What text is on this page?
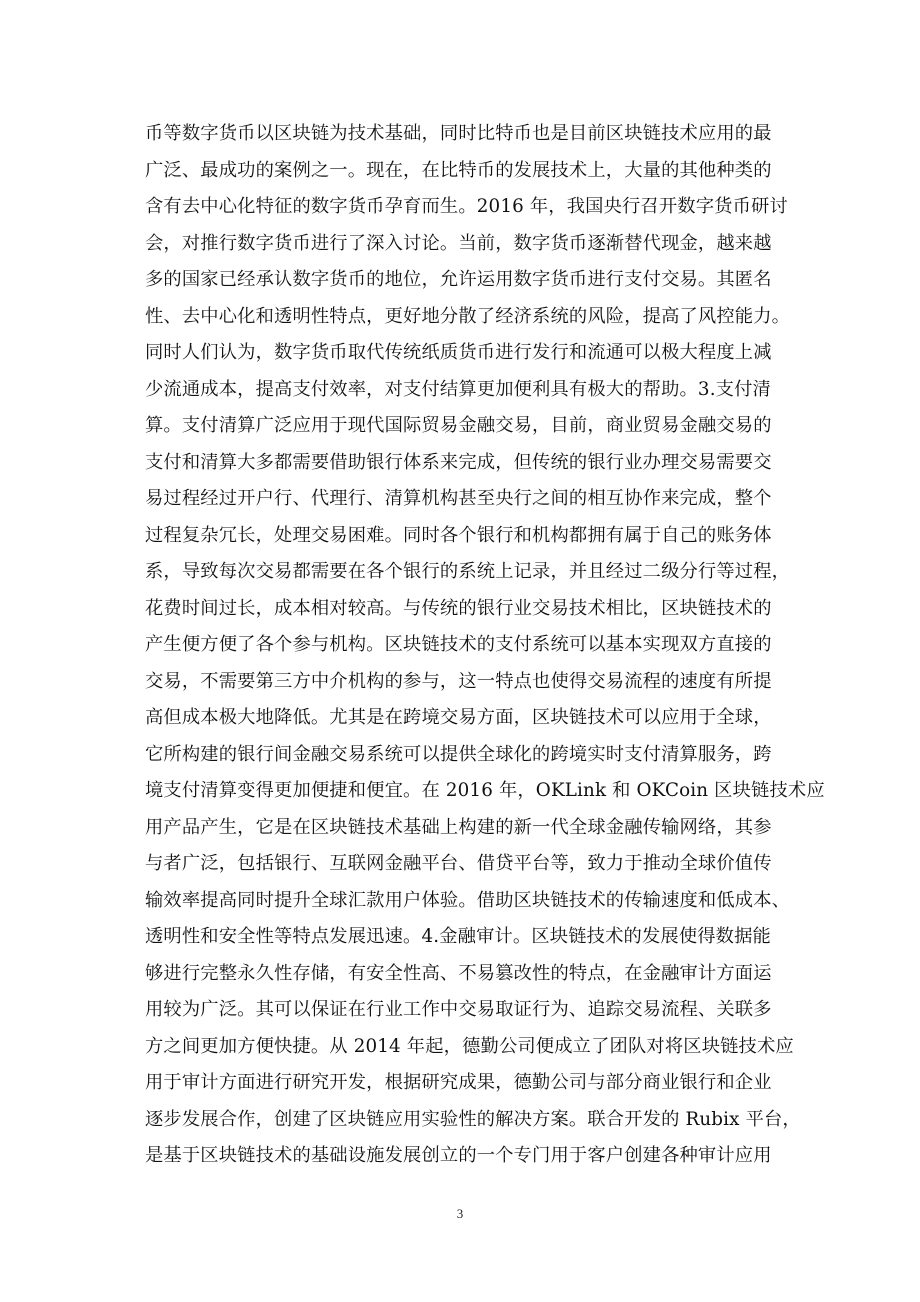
币等数字货币以区块链为技术基础，同时比特币也是目前区块链技术应用的最
广泛、最成功的案例之一。现在，在比特币的发展技术上，大量的其他种类的
含有去中心化特征的数字货币孕育而生。2016 年，我国央行召开数字货币研讨
会，对推行数字货币进行了深入讨论。当前，数字货币逐渐替代现金，越来越
多的国家已经承认数字货币的地位，允许运用数字货币进行支付交易。其匿名
性、去中心化和透明性特点，更好地分散了经济系统的风险，提高了风控能力。
同时人们认为，数字货币取代传统纸质货币进行发行和流通可以极大程度上减
少流通成本，提高支付效率，对支付结算更加便利具有极大的帮助。3.支付清
算。支付清算广泛应用于现代国际贸易金融交易，目前，商业贸易金融交易的
支付和清算大多都需要借助银行体系来完成，但传统的银行业办理交易需要交
易过程经过开户行、代理行、清算机构甚至央行之间的相互协作来完成，整个
过程复杂冗长，处理交易困难。同时各个银行和机构都拥有属于自己的账务体
系，导致每次交易都需要在各个银行的系统上记录，并且经过二级分行等过程，
花费时间过长，成本相对较高。与传统的银行业交易技术相比，区块链技术的
产生便方便了各个参与机构。区块链技术的支付系统可以基本实现双方直接的
交易，不需要第三方中介机构的参与，这一特点也使得交易流程的速度有所提
高但成本极大地降低。尤其是在跨境交易方面，区块链技术可以应用于全球，
它所构建的银行间金融交易系统可以提供全球化的跨境实时支付清算服务，跨
境支付清算变得更加便捷和便宜。在 2016 年，OKLink 和 OKCoin 区块链技术应
用产品产生，它是在区块链技术基础上构建的新一代全球金融传输网络，其参
与者广泛，包括银行、互联网金融平台、借贷平台等，致力于推动全球价值传
输效率提高同时提升全球汇款用户体验。借助区块链技术的传输速度和低成本、
透明性和安全性等特点发展迅速。4.金融审计。区块链技术的发展使得数据能
够进行完整永久性存储，有安全性高、不易篡改性的特点，在金融审计方面运
用较为广泛。其可以保证在行业工作中交易取证行为、追踪交易流程、关联多
方之间更加方便快捷。从 2014 年起，德勤公司便成立了团队对将区块链技术应
用于审计方面进行研究开发，根据研究成果，德勤公司与部分商业银行和企业
逐步发展合作，创建了区块链应用实验性的解决方案。联合开发的 Rubix 平台，
是基于区块链技术的基础设施发展创立的一个专门用于客户创建各种审计应用
3
